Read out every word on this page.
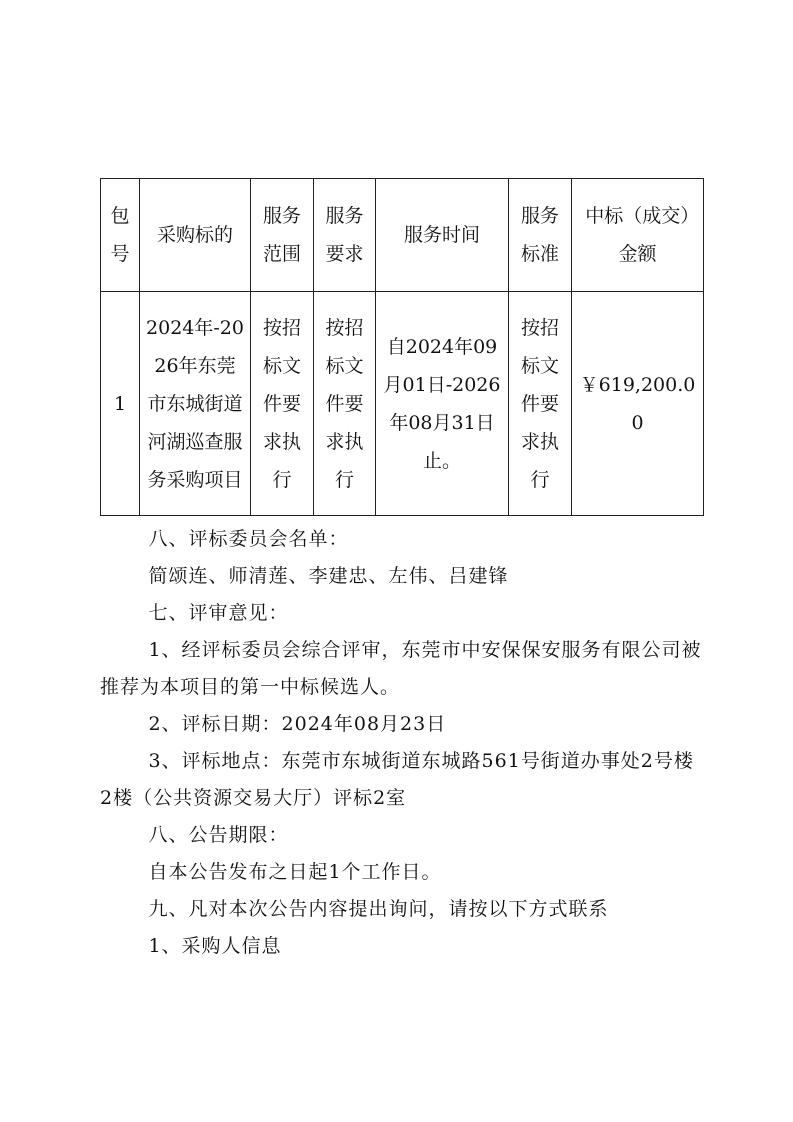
包号	采购标的	服务范围	服务要求	服务时间	服务标准	中标（成交）金额
1	2024年-2026年东莞市东城街道河湖巡查服务采购项目	按招标文件要求执行	按招标文件要求执行	自2024年09月01日-2026年08月31日止。	按招标文件要求执行	￥619,200.00

八、评标委员会名单：

简颂连、师清莲、李建忠、左伟、吕建锋

七、评审意见：

1、经评标委员会综合评审，东莞市中安保保安服务有限公司被推荐为本项目的第一中标候选人。

2、评标日期：2024年08月23日

3、评标地点：东莞市东城街道东城路561号街道办事处2号楼2楼（公共资源交易大厅）评标2室

八、公告期限：

自本公告发布之日起1个工作日。

九、凡对本次公告内容提出询问，请按以下方式联系

1、采购人信息
